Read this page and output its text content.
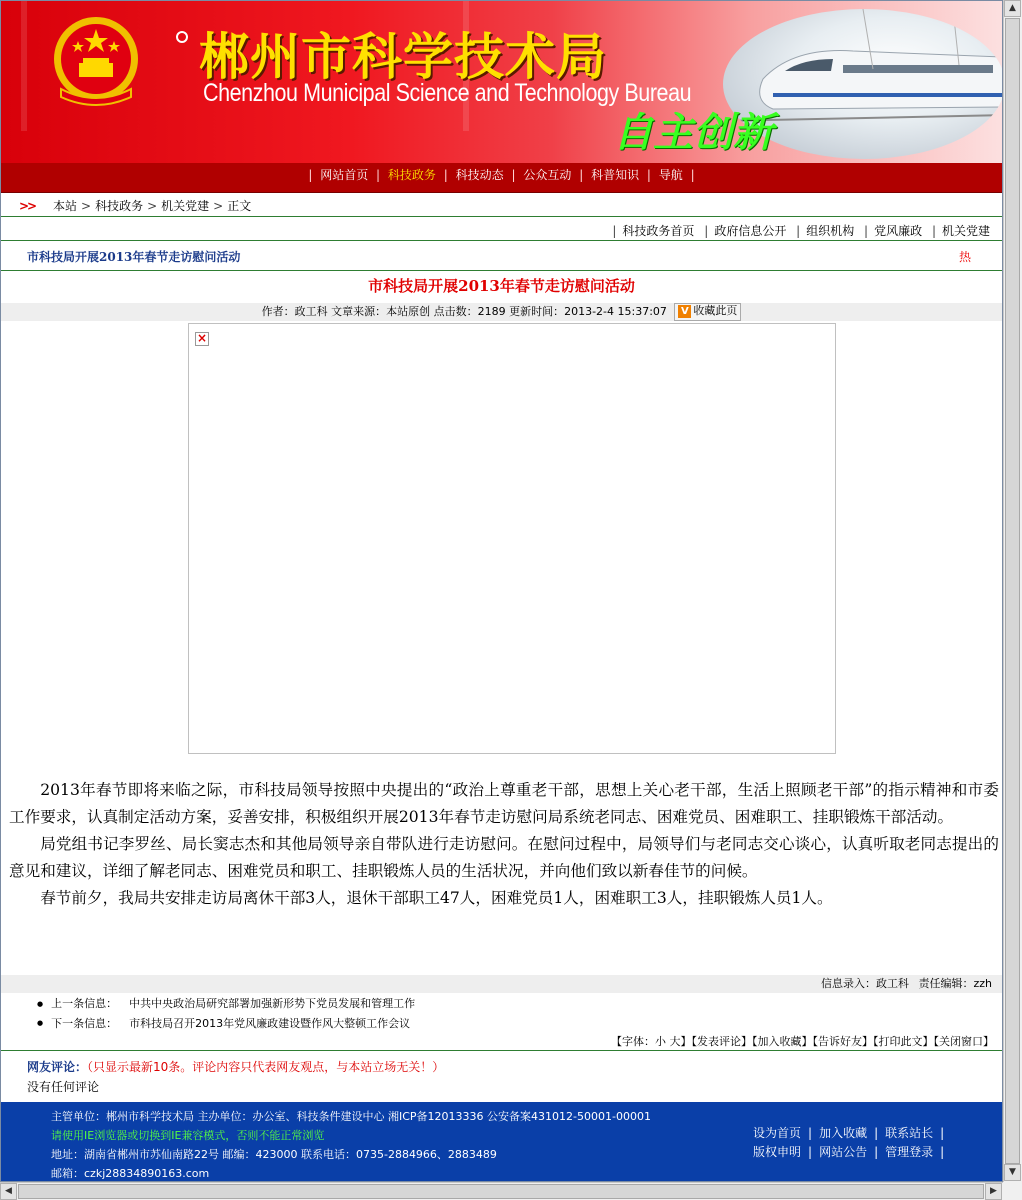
郴州市科学技术局
Chenzhou Municipal Science and Technology Bureau
自主创新
| 网站首页 | 科技政务 | 科技动态 | 公众互动 | 科普知识 | 导航 |
>> 本站 > 科技政务 > 机关党建 > 正文
| 科技政务首页 | 政府信息公开 | 组织机构 | 党风廉政 | 机关党建
市科技局开展2013年春节走访慰问活动	热
市科技局开展2013年春节走访慰问活动
作者：政工科 文章来源：本站原创 点击数：2189 更新时间：2013-2-4 15:37:07 V 收藏此页
×

2013年春节即将来临之际，市科技局领导按照中央提出的“政治上尊重老干部，思想上关心老干部，生活上照顾老干部”的指示精神和市委工作要求，认真制定活动方案，妥善安排，积极组织开展2013年春节走访慰问局系统老同志、困难党员、困难职工、挂职锻炼干部活动。

局党组书记李罗丝、局长窦志杰和其他局领导亲自带队进行走访慰问。在慰问过程中，局领导们与老同志交心谈心，认真听取老同志提出的意见和建议，详细了解老同志、困难党员和职工、挂职锻炼人员的生活状况，并向他们致以新春佳节的问候。

春节前夕，我局共安排走访局离休干部3人，退休干部职工47人，困难党员1人，困难职工3人，挂职锻炼人员1人。

信息录入：政工科 责任编辑：zzh
● 上一条信息： 中共中央政治局研究部署加强新形势下党员发展和管理工作
● 下一条信息： 市科技局召开2013年党风廉政建设暨作风大整顿工作会议
【字体：小 大】【发表评论】【加入收藏】【告诉好友】【打印此文】【关闭窗口】
网友评论：（只显示最新10条。评论内容只代表网友观点，与本站立场无关！）
没有任何评论
主管单位：郴州市科学技术局 主办单位：办公室、科技条件建设中心 湘ICP备12013336 公安备案431012-50001-00001
请使用IE浏览器或切换到IE兼容模式，否则不能正常浏览
地址：湖南省郴州市苏仙南路22号 邮编：423000 联系电话：0735-2884966、2883489
邮箱：czkj28834890163.com
设为首页 | 加入收藏 | 联系站长 |
版权申明 | 网站公告 | 管理登录 |
▲
▼
◀	▶
